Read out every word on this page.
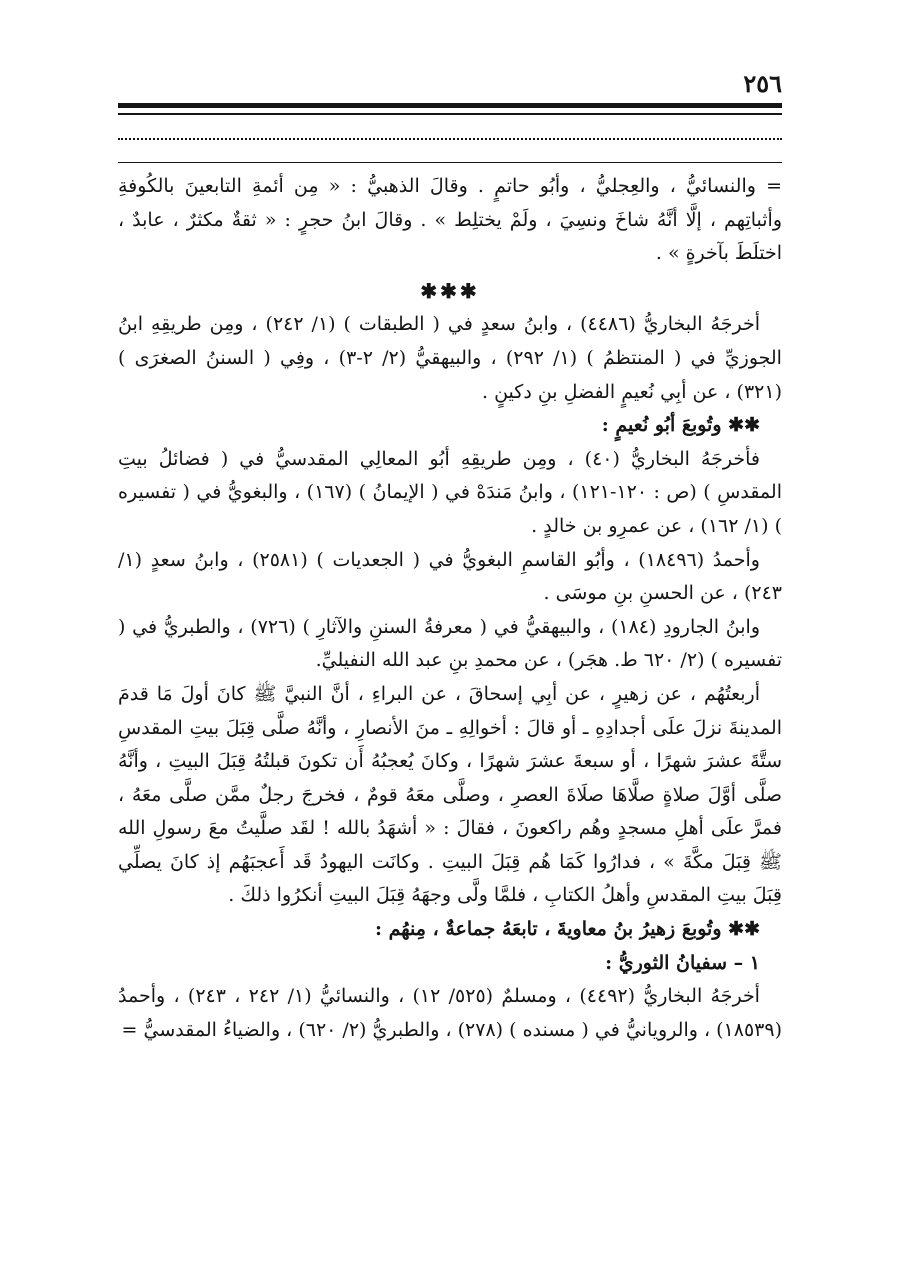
٢٥٦

= والنسائيُّ ، والعِجليُّ ، وأبُو حاتمٍ . وقالَ الذهبيُّ : « مِن أئمةِ التابعينَ بالكُوفةِ وأثباتِهم ، إلَّا أنَّهُ شاخَ ونسِيَ ، ولَمْ يختلِط » . وقالَ ابنُ حجرٍ : « ثقةٌ مكثرٌ ، عابدٌ ، اختلَطَ بآخرةٍ » .

✱✱✱

أخرجَهُ البخاريُّ (٤٤٨٦) ، وابنُ سعدٍ في ( الطبقات ) (١/ ٢٤٢) ، ومِن طريقِهِ ابنُ الجوزيِّ في ( المنتظمُ ) (١/ ٢٩٢) ، والبيهقيُّ (٢/ ٢-٣) ، وفِي ( السننُ الصغرَى ) (٣٢١) ، عن أبِي نُعيمٍ الفضلِ بنِ دكينٍ .

✱✱ وتُوبعَ أبُو نُعيمٍ :

فأخرجَهُ البخاريُّ (٤٠) ، ومِن طريقِهِ أبُو المعالِي المقدسيُّ في ( فضائلُ بيتِ المقدسِ ) (ص : ١٢٠-١٢١) ، وابنُ مَندَهْ في ( الإيمانُ ) (١٦٧) ، والبغويُّ في ( تفسيره ) (١/ ١٦٢) ، عن عمرِو بن خالدٍ .

وأحمدُ (١٨٤٩٦) ، وأبُو القاسمِ البغويُّ في ( الجعديات ) (٢٥٨١) ، وابنُ سعدٍ (١/ ٢٤٣) ، عن الحسنِ بنِ موسَى .

وابنُ الجارودِ (١٨٤) ، والبيهقيُّ في ( معرفةُ السننِ والآثارِ ) (٧٢٦) ، والطبريُّ في ( تفسيره ) (٢/ ٦٢٠ ط. هجَر) ، عن محمدِ بنِ عبد الله النفيليِّ.

أربعتُهُم ، عن زهيرٍ ، عن أبِي إسحاقَ ، عن البراءِ ، أنَّ النبيَّ ﷺ كانَ أولَ مَا قدمَ المدينةَ نزلَ علَى أجدادِهِ ـ أو قالَ : أخوالِهِ ـ منَ الأنصارِ ، وأنَّهُ صلَّى قِبَلَ بيتِ المقدسِ ستَّةَ عشرَ شهرًا ، أو سبعةَ عشرَ شهرًا ، وكانَ يُعجبُهُ أَن تكونَ قبلتُهُ قِبَلَ البيتِ ، وأنَّهُ صلَّى أوَّلَ صلاةٍ صلَّاهَا صلَاةَ العصرِ ، وصلَّى معَهُ قومٌ ، فخرجَ رجلٌ ممَّن صلَّى معَهُ ، فمرَّ علَى أهلِ مسجدٍ وهُم راكعونَ ، فقالَ : « أشهَدُ بالله ! لقَد صلَّيتُ معَ رسولِ الله ﷺ قِبَلَ مكَّةَ » ، فدارُوا كَمَا هُم قِبَلَ البيتِ . وكانَت اليهودُ قَد أَعجبَهُم إذ كانَ يصلِّي قِبَلَ بيتِ المقدسِ وأهلُ الكتابِ ، فلمَّا ولَّى وجهَهُ قِبَلَ البيتِ أنكرُوا ذلكَ .

✱✱ وتُوبعَ زهيرُ بنُ معاويةَ ، تابعَهُ جماعةٌ ، مِنهُم :

١ – سفيانُ الثوريُّ :

أخرجَهُ البخاريُّ (٤٤٩٢) ، ومسلمٌ (٥٢٥/ ١٢) ، والنسائيُّ (١/ ٢٤٢ ، ٢٤٣) ، وأحمدُ (١٨٥٣٩) ، والرويانيُّ في ( مسنده ) (٢٧٨) ، والطبريُّ (٢/ ٦٢٠) ، والضياءُ المقدسيُّ =
